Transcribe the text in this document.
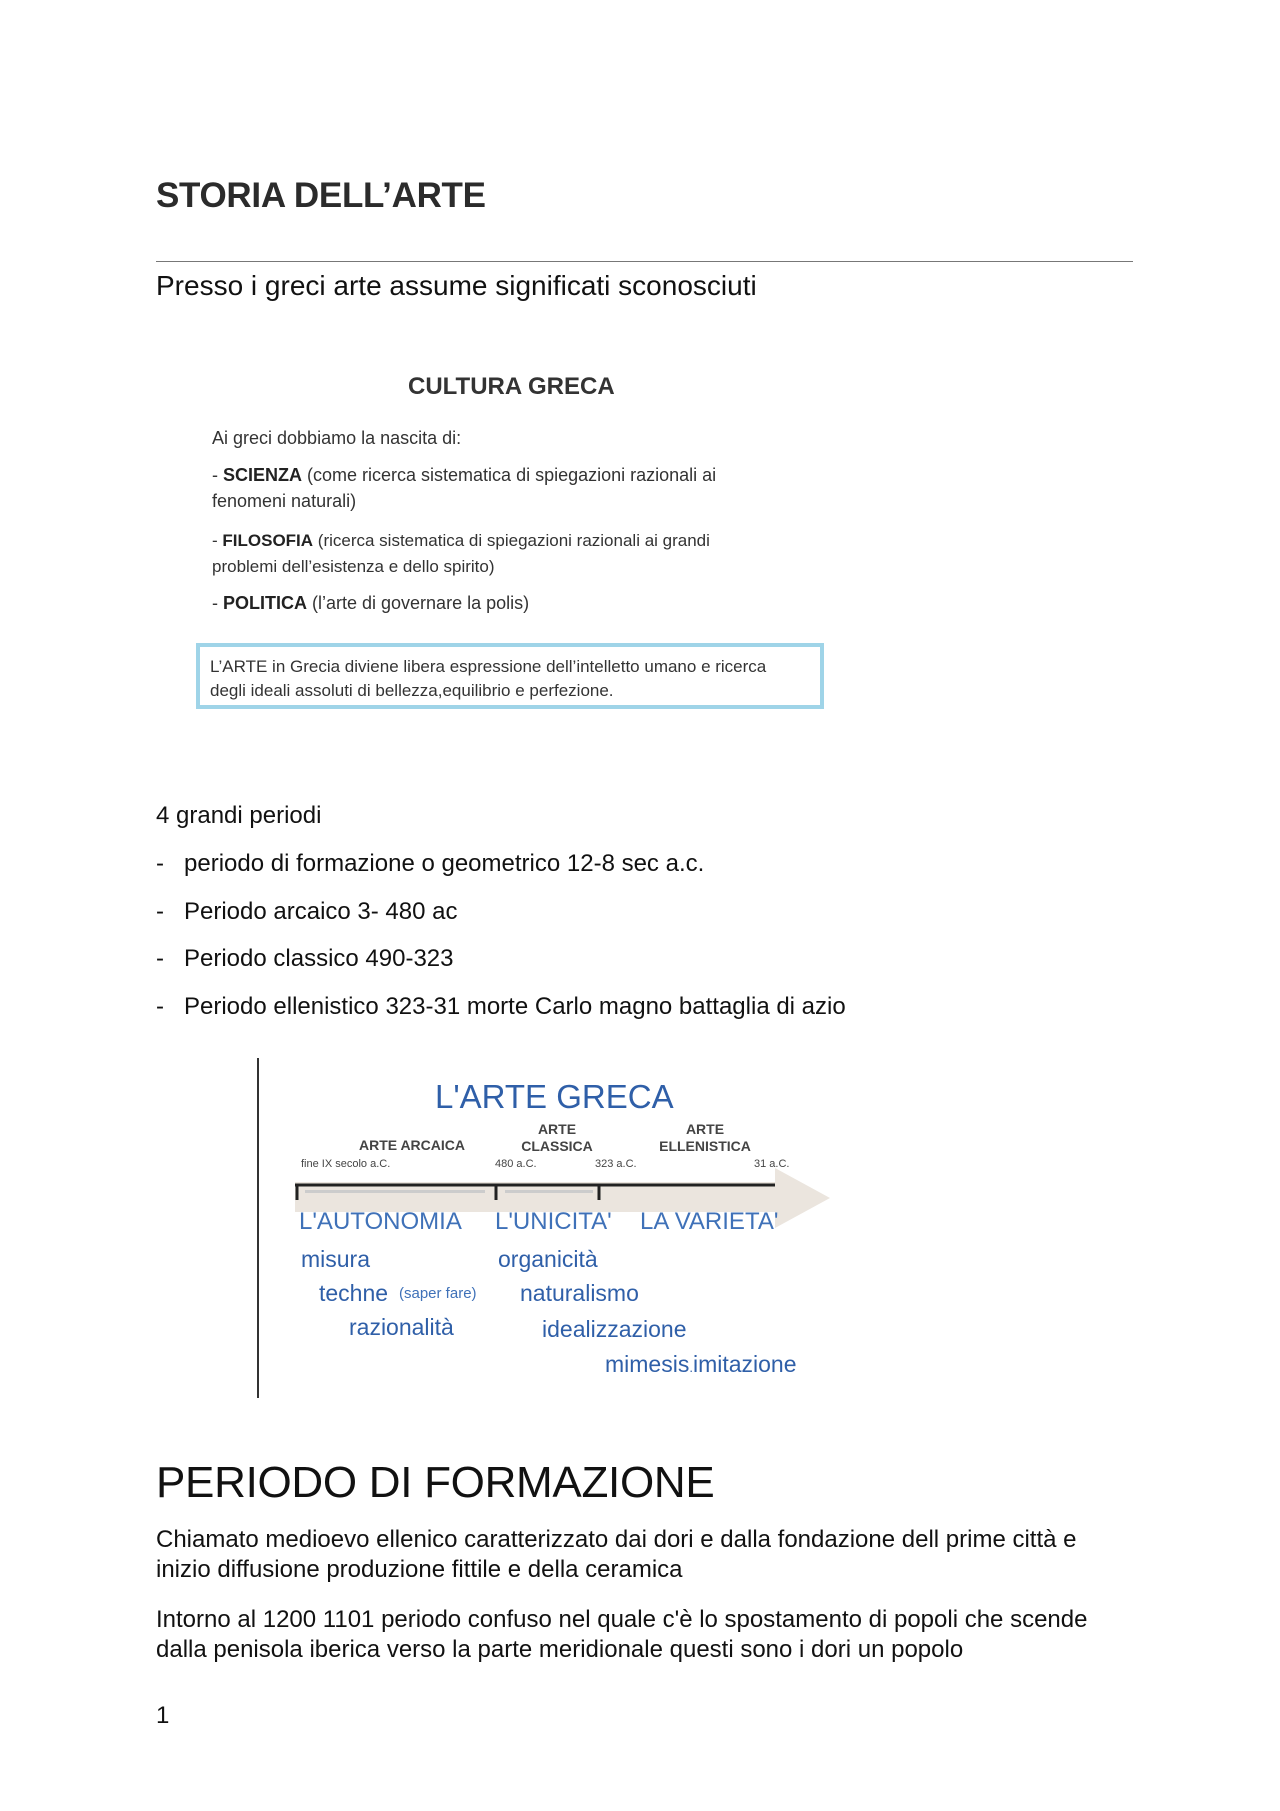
STORIA DELL’ARTE
Presso i greci arte assume significati sconosciuti
CULTURA GRECA
Ai greci dobbiamo la nascita di:
- SCIENZA (come ricerca sistematica di spiegazioni razionali ai
fenomeni naturali)
- FILOSOFIA (ricerca sistematica di spiegazioni razionali ai grandi
problemi dell’esistenza e dello spirito)
- POLITICA (l’arte di governare la polis)
L’ARTE in Grecia diviene libera espressione dell’intelletto umano e ricerca
degli ideali assoluti di bellezza,equilibrio e perfezione.
4 grandi periodi
- periodo di formazione o geometrico 12-8 sec a.c.
- Periodo arcaico 3- 480 ac
- Periodo classico 490-323
- Periodo ellenistico 323-31 morte Carlo magno battaglia di azio
L'ARTE GRECA
ARTE ARCAICA
ARTE
CLASSICA
ARTE
ELLENISTICA
fine IX secolo a.C.	480 a.C.	323 a.C.	31 a.C.
L'AUTONOMIA L'UNICITA' LA VARIETA'
misura
techne (saper fare)
razionalità
organicità
naturalismo
idealizzazione
mimesis.imitazione
PERIODO DI FORMAZIONE
Chiamato medioevo ellenico caratterizzato dai dori e dalla fondazione dell prime città e inizio diffusione produzione fittile e della ceramica
Intorno al 1200 1101 periodo confuso nel quale c'è lo spostamento di popoli che scende dalla penisola iberica verso la parte meridionale questi sono i dori un popolo
1
